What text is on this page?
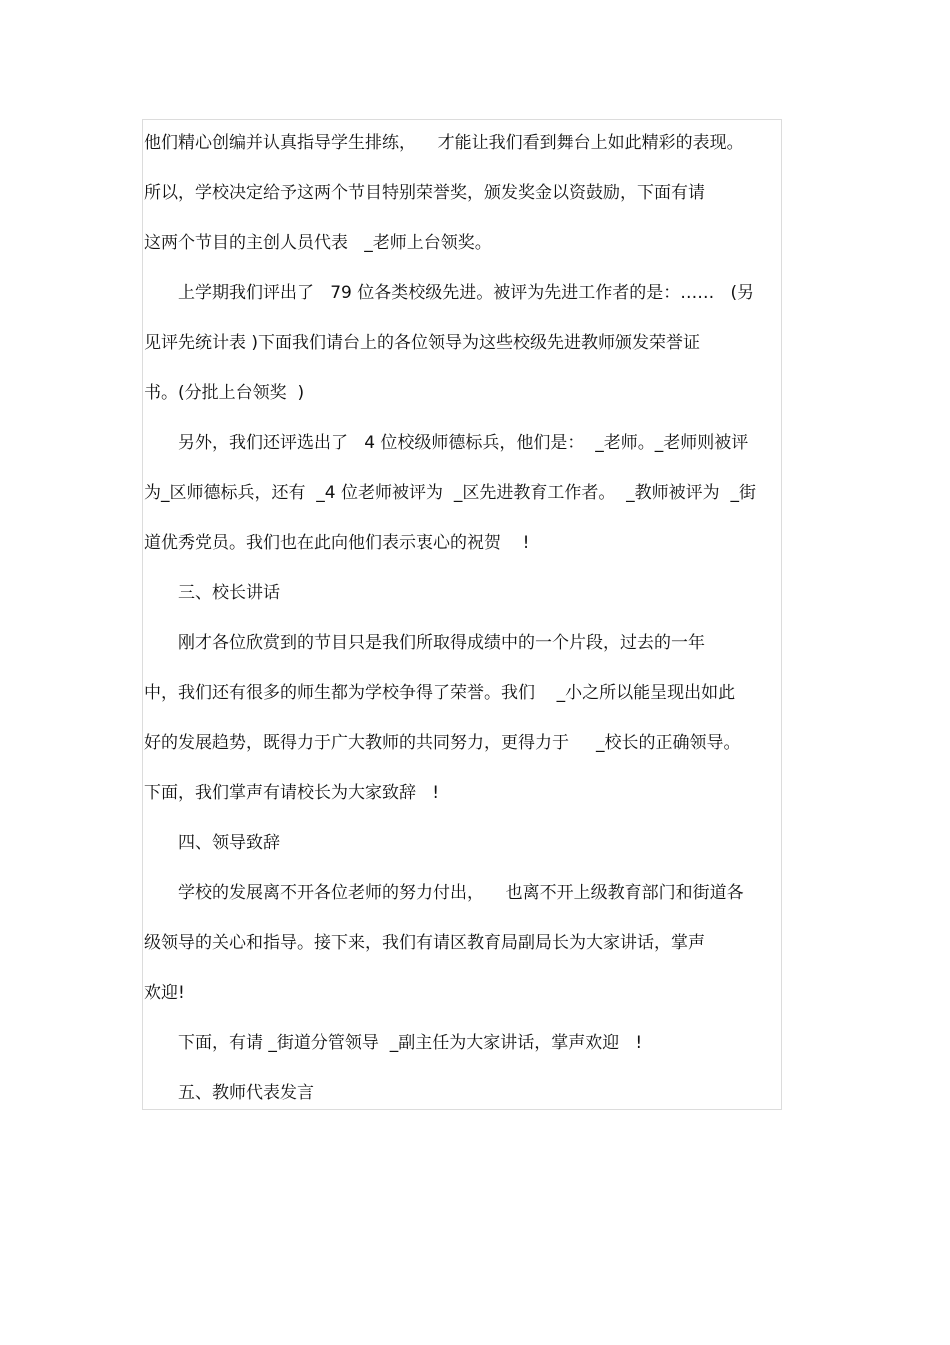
他们精心创编并认真指导学生排练，    才能让我们看到舞台上如此精彩的表现。
所以，学校决定给予这两个节目特别荣誉奖，颁发奖金以资鼓励，下面有请
这两个节目的主创人员代表   _老师上台领奖。
上学期我们评出了   79 位各类校级先进。被评为先进工作者的是：……   (另
见评先统计表 )下面我们请台上的各位领导为这些校级先进教师颁发荣誉证
书。(分批上台领奖  )
另外，我们还评选出了   4 位校级师德标兵，他们是：  _老师。_老师则被评
为_区师德标兵，还有  _4 位老师被评为  _区先进教育工作者。  _教师被评为  _街
道优秀党员。我们也在此向他们表示衷心的祝贺    !
三、校长讲话
刚才各位欣赏到的节目只是我们所取得成绩中的一个片段，过去的一年
中，我们还有很多的师生都为学校争得了荣誉。我们    _小之所以能呈现出如此
好的发展趋势，既得力于广大教师的共同努力，更得力于     _校长的正确领导。
下面，我们掌声有请校长为大家致辞   !
四、领导致辞
学校的发展离不开各位老师的努力付出，    也离不开上级教育部门和街道各
级领导的关心和指导。接下来，我们有请区教育局副局长为大家讲话，掌声
欢迎!
下面，有请 _街道分管领导  _副主任为大家讲话，掌声欢迎   !
五、教师代表发言
